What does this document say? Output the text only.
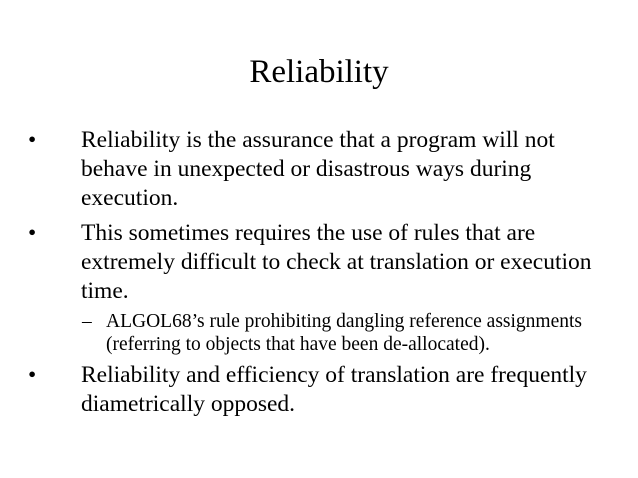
Reliability
•	Reliability is the assurance that a program will not behave in unexpected or disastrous ways during execution.
•	This sometimes requires the use of rules that are extremely difficult to check at translation or execution time.
– ALGOL68’s rule prohibiting dangling reference assignments (referring to objects that have been de-allocated).
•	Reliability and efficiency of translation are frequently diametrically opposed.
